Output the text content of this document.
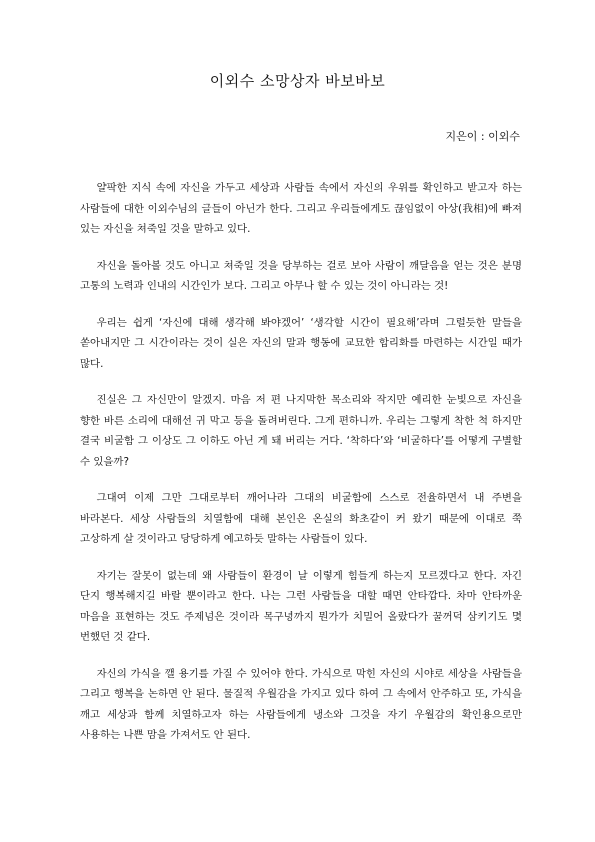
이외수 소망상자 바보바보

지은이 : 이외수

얄팍한 지식 속에 자신을 가두고 세상과 사람들 속에서 자신의 우위를 확인하고 받고자 하는 사람들에 대한 이외수님의 글들이 아닌가 한다. 그리고 우리들에게도 끊임없이 아상(我相)에 빠져 있는 자신을 쳐죽일 것을 말하고 있다.

자신을 돌아볼 것도 아니고 쳐죽일 것을 당부하는 걸로 보아 사람이 깨달음을 얻는 것은 분명 고통의 노력과 인내의 시간인가 보다. 그리고 아무나 할 수 있는 것이 아니라는 것!

우리는 쉽게 ‘자신에 대해 생각해 봐야겠어’ ‘생각할 시간이 필요해’라며 그럴듯한 말들을 쏟아내지만 그 시간이라는 것이 실은 자신의 말과 행동에 교묘한 합리화를 마련하는 시간일 때가 많다.

진실은 그 자신만이 알겠지. 마음 저 편 나지막한 목소리와 작지만 예리한 눈빛으로 자신을 향한 바른 소리에 대해선 귀 막고 등을 돌려버린다. 그게 편하니까. 우리는 그렇게 착한 척 하지만 결국 비굴함 그 이상도 그 이하도 아닌 게 돼 버리는 거다. ‘착하다’와 ‘비굴하다’를 어떻게 구별할 수 있을까?

그대여 이제 그만 그대로부터 깨어나라 그대의 비굴함에 스스로 전율하면서 내 주변을 바라본다. 세상 사람들의 치열함에 대해 본인은 온실의 화초같이 커 왔기 때문에 이대로 쭉 고상하게 살 것이라고 당당하게 예고하듯 말하는 사람들이 있다.

자기는 잘못이 없는데 왜 사람들이 환경이 날 이렇게 힘들게 하는지 모르겠다고 한다. 자긴 단지 행복해지길 바랄 뿐이라고 한다. 나는 그런 사람들을 대할 때면 안타깝다. 차마 안타까운 마음을 표현하는 것도 주제넘은 것이라 목구녕까지 뭔가가 치밀어 올랐다가 꿀꺼덕 삼키기도 몇 번했던 것 같다.

자신의 가식을 깰 용기를 가질 수 있어야 한다. 가식으로 막힌 자신의 시야로 세상을 사람들을 그리고 행복을 논하면 안 된다. 물질적 우월감을 가지고 있다 하여 그 속에서 안주하고 또, 가식을 깨고 세상과 함께 치열하고자 하는 사람들에게 냉소와 그것을 자기 우월감의 확인용으로만 사용하는 나쁜 맘을 가져서도 안 된다.
